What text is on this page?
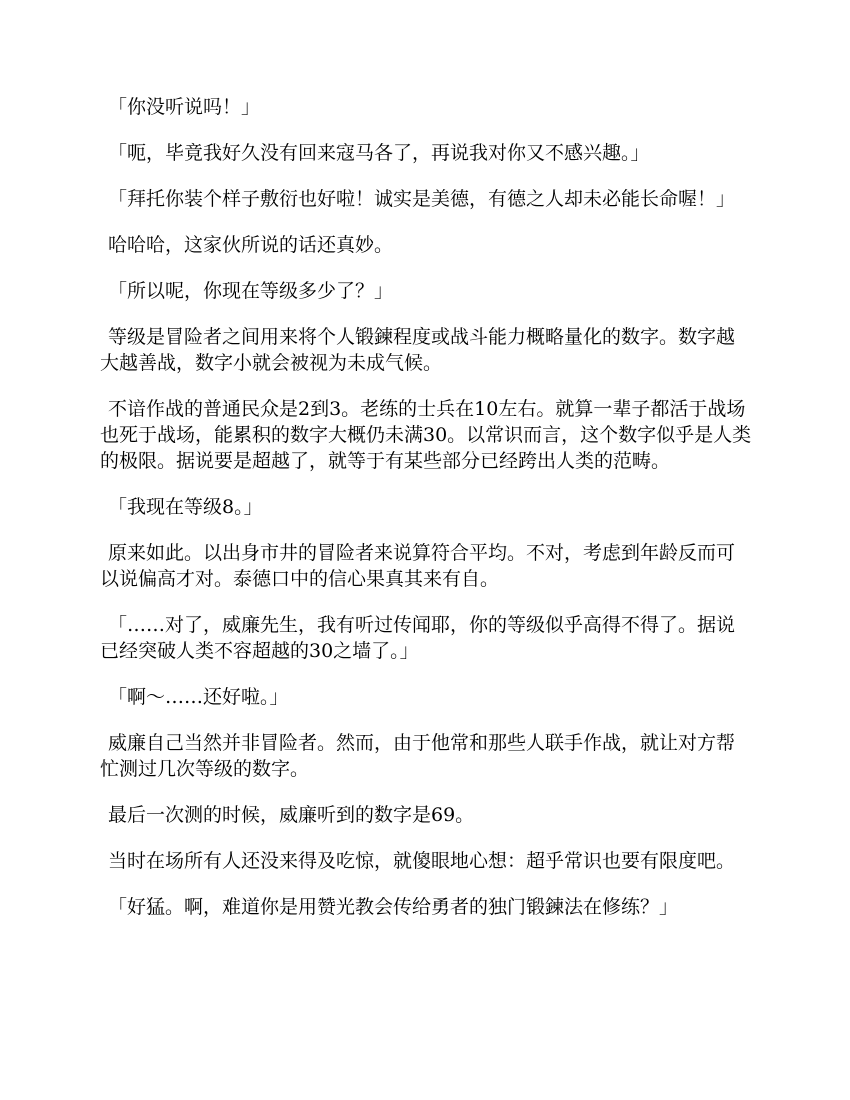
「你没听说吗！」

「呃，毕竟我好久没有回来寇马各了，再说我对你又不感兴趣。」

「拜托你装个样子敷衍也好啦！诚实是美德，有德之人却未必能长命喔！」

哈哈哈，这家伙所说的话还真妙。

「所以呢，你现在等级多少了？」

等级是冒险者之间用来将个人锻鍊程度或战斗能力概略量化的数字。数字越大越善战，数字小就会被视为未成气候。

不谙作战的普通民众是2到3。老练的士兵在10左右。就算一辈子都活于战场也死于战场，能累积的数字大概仍未满30。以常识而言，这个数字似乎是人类的极限。据说要是超越了，就等于有某些部分已经跨出人类的范畴。

「我现在等级8。」

原来如此。以出身市井的冒险者来说算符合平均。不对，考虑到年龄反而可以说偏高才对。泰德口中的信心果真其来有自。

「……对了，威廉先生，我有听过传闻耶，你的等级似乎高得不得了。据说已经突破人类不容超越的30之墙了。」

「啊～……还好啦。」

威廉自己当然并非冒险者。然而，由于他常和那些人联手作战，就让对方帮忙测过几次等级的数字。

最后一次测的时候，威廉听到的数字是69。

当时在场所有人还没来得及吃惊，就傻眼地心想：超乎常识也要有限度吧。

「好猛。啊，难道你是用赞光教会传给勇者的独门锻鍊法在修练？」
